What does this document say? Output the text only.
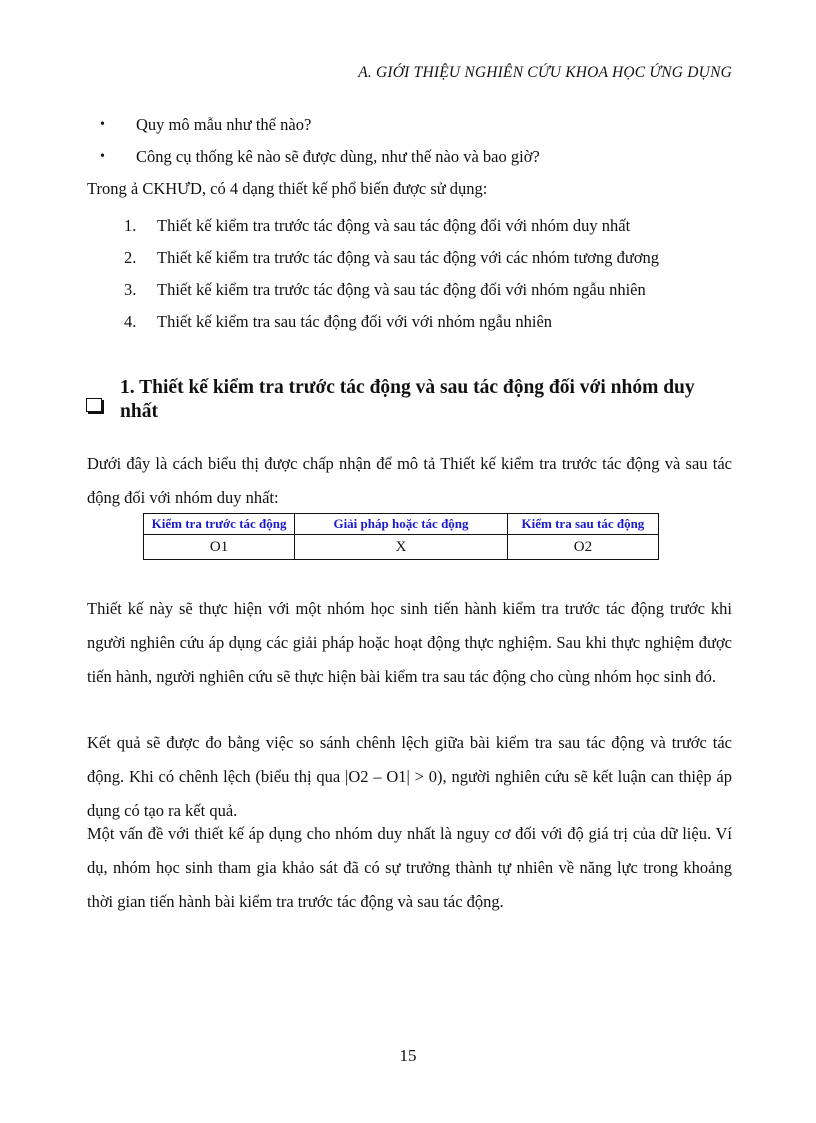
A. GIỚI THIỆU NGHIÊN CỨU KHOA HỌC ỨNG DỤNG
•	Quy mô mẫu như thế nào?
•	Công cụ thống kê nào sẽ được dùng, như thế nào và bao giờ?
Trong ả CKHƯD, có 4 dạng thiết kế phổ biến được sử dụng:
1.	Thiết kế kiểm tra trước tác động và sau tác động đối với nhóm duy nhất
2.	Thiết kế kiểm tra trước tác động và sau tác động với các nhóm tương đương
3.	Thiết kế kiểm tra trước tác động và sau tác động đối với nhóm ngẫu nhiên
4.	Thiết kế kiểm tra sau tác động đối với với nhóm ngẫu nhiên
1. Thiết kế kiểm tra trước tác động và sau tác động đối với nhóm duy nhất

Dưới đây là cách biểu thị được chấp nhận để mô tả Thiết kế kiểm tra trước tác động và sau tác động đối với nhóm duy nhất:

Kiểm tra trước tác động	Giải pháp hoặc tác động	Kiểm tra sau tác động
O1	X	O2

Thiết kế này sẽ thực hiện với một nhóm học sinh tiến hành kiểm tra trước tác động trước khi người nghiên cứu áp dụng các giải pháp hoặc hoạt động thực nghiệm. Sau khi thực nghiệm được tiến hành, người nghiên cứu sẽ thực hiện bài kiểm tra sau tác động cho cùng nhóm học sinh đó.

Kết quả sẽ được đo bằng việc so sánh chênh lệch giữa bài kiểm tra sau tác động và trước tác động. Khi có chênh lệch (biểu thị qua |O2 – O1| > 0), người nghiên cứu sẽ kết luận can thiệp áp dụng có tạo ra kết quả.

Một vấn đề với thiết kế áp dụng cho nhóm duy nhất là nguy cơ đối với độ giá trị của dữ liệu. Ví dụ, nhóm học sinh tham gia khảo sát đã có sự trưởng thành tự nhiên về năng lực trong khoảng thời gian tiến hành bài kiểm tra trước tác động và sau tác động.

15
